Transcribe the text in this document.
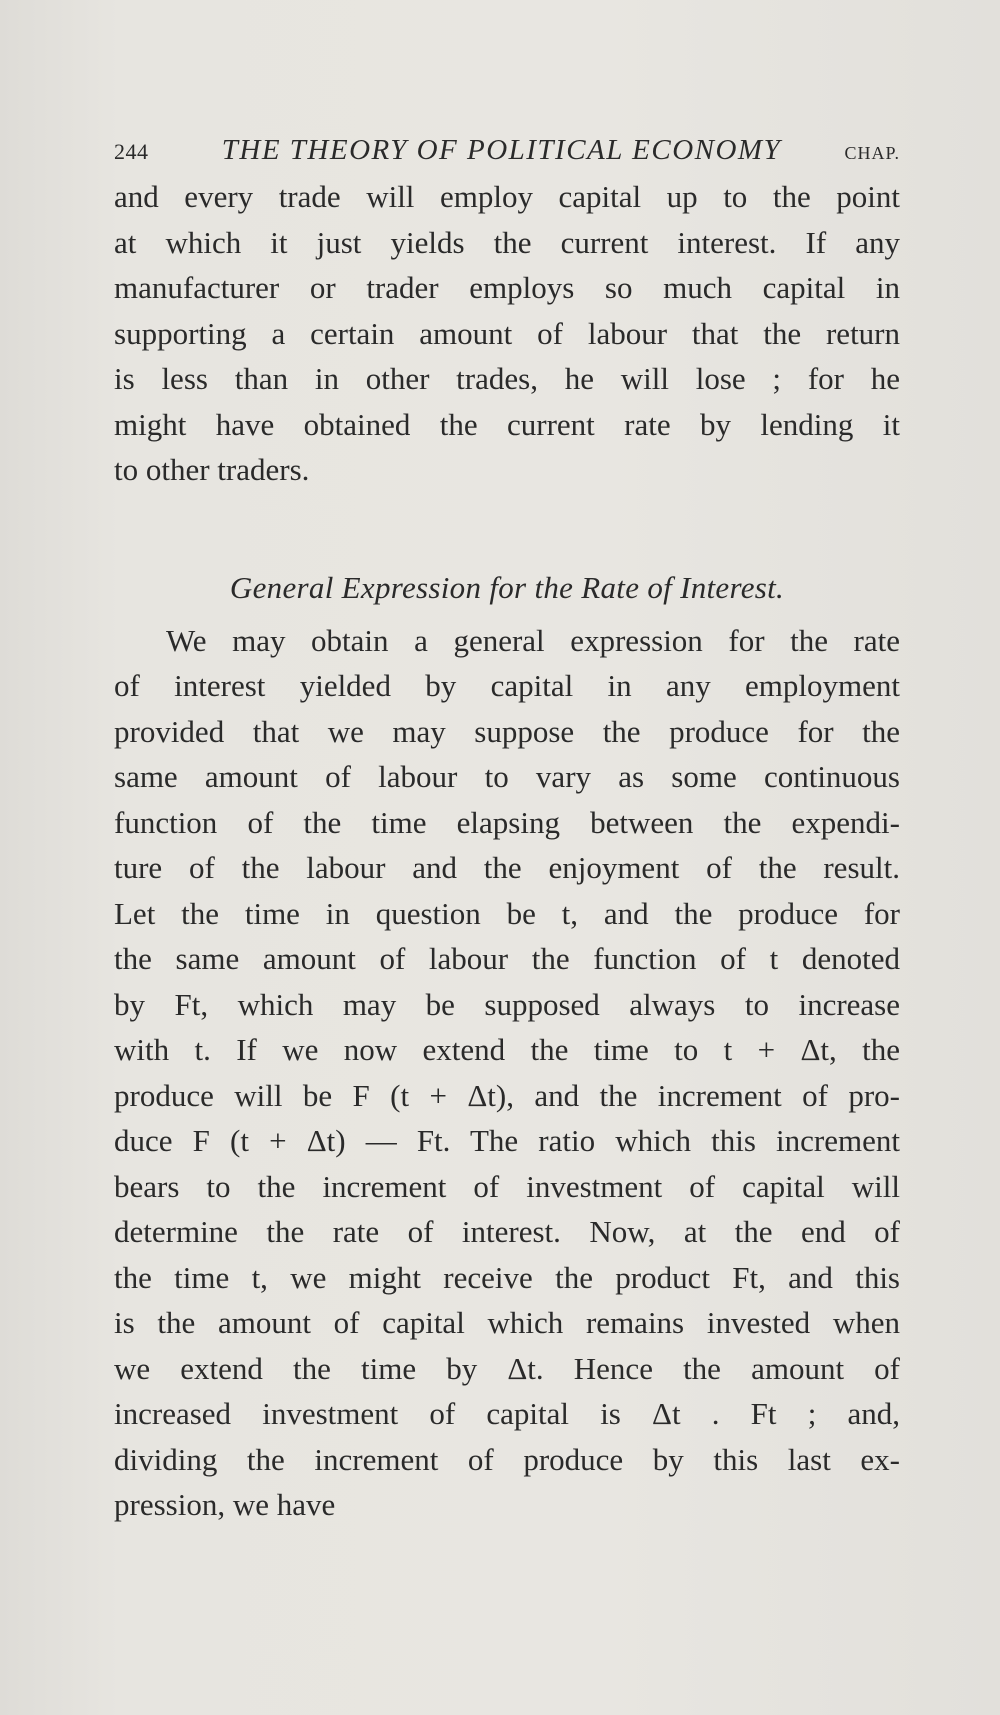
244	THE THEORY OF POLITICAL ECONOMY	CHAP.
and every trade will employ capital up to the point
at which it just yields the current interest. If any
manufacturer or trader employs so much capital in
supporting a certain amount of labour that the return
is less than in other trades, he will lose ; for he
might have obtained the current rate by lending it
to other traders.
General Expression for the Rate of Interest.
We may obtain a general expression for the rate
of interest yielded by capital in any employment
provided that we may suppose the produce for the
same amount of labour to vary as some continuous
function of the time elapsing between the expendi-
ture of the labour and the enjoyment of the result.
Let the time in question be t, and the produce for
the same amount of labour the function of t denoted
by Ft, which may be supposed always to increase
with t. If we now extend the time to t + Δt, the
produce will be F (t + Δt), and the increment of pro-
duce F (t + Δt) — Ft. The ratio which this increment
bears to the increment of investment of capital will
determine the rate of interest. Now, at the end of
the time t, we might receive the product Ft, and this
is the amount of capital which remains invested when
we extend the time by Δt. Hence the amount of
increased investment of capital is Δt . Ft ; and,
dividing the increment of produce by this last ex-
pression, we have
